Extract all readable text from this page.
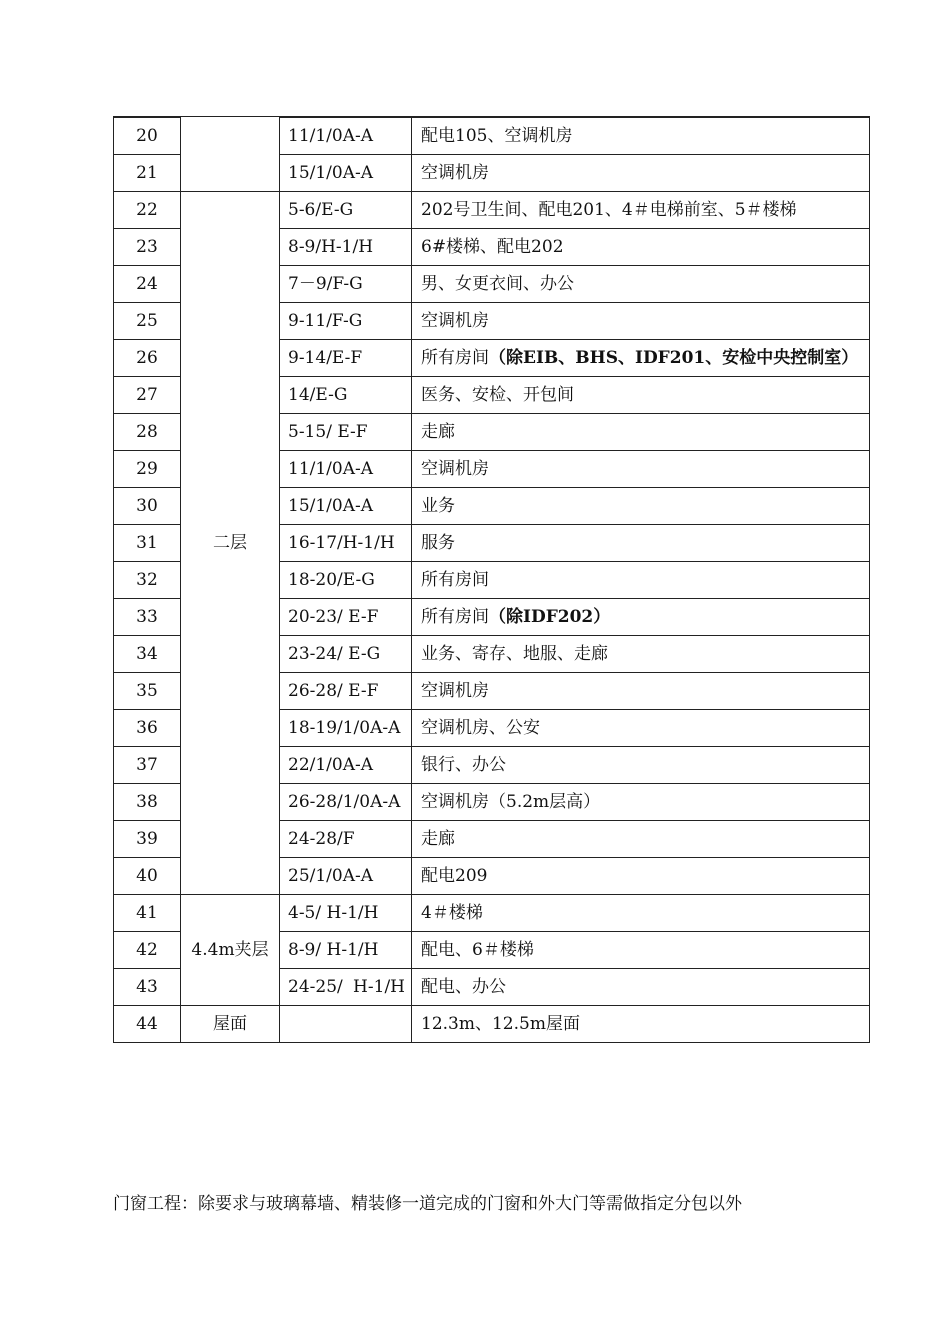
20		11/1/0A-A	配电105、空调机房
21		15/1/0A-A	空调机房
22	二层	5-6/E-G	202号卫生间、配电201、4＃电梯前室、5＃楼梯
23		8-9/H-1/H	6#楼梯、配电202
24		7－9/F-G	男、女更衣间、办公
25		9-11/F-G	空调机房
26		9-14/E-F	所有房间（除EIB、BHS、IDF201、安检中央控制室）
27		14/E-G	医务、安检、开包间
28		5-15/ E-F	走廊
29		11/1/0A-A	空调机房
30		15/1/0A-A	业务
31		16-17/H-1/H	服务
32		18-20/E-G	所有房间
33		20-23/ E-F	所有房间（除IDF202）
34		23-24/ E-G	业务、寄存、地服、走廊
35		26-28/ E-F	空调机房
36		18-19/1/0A-A	空调机房、公安
37		22/1/0A-A	银行、办公
38		26-28/1/0A-A	空调机房（5.2m层高）
39		24-28/F	走廊
40		25/1/0A-A	配电209
41	4.4m夹层	4-5/ H-1/H	4＃楼梯
42		8-9/ H-1/H	配电、6＃楼梯
43		24-25/ H-1/H	配电、办公
44	屋面		12.3m、12.5m屋面
门窗工程：除要求与玻璃幕墙、精装修一道完成的门窗和外大门等需做指定分包以外
